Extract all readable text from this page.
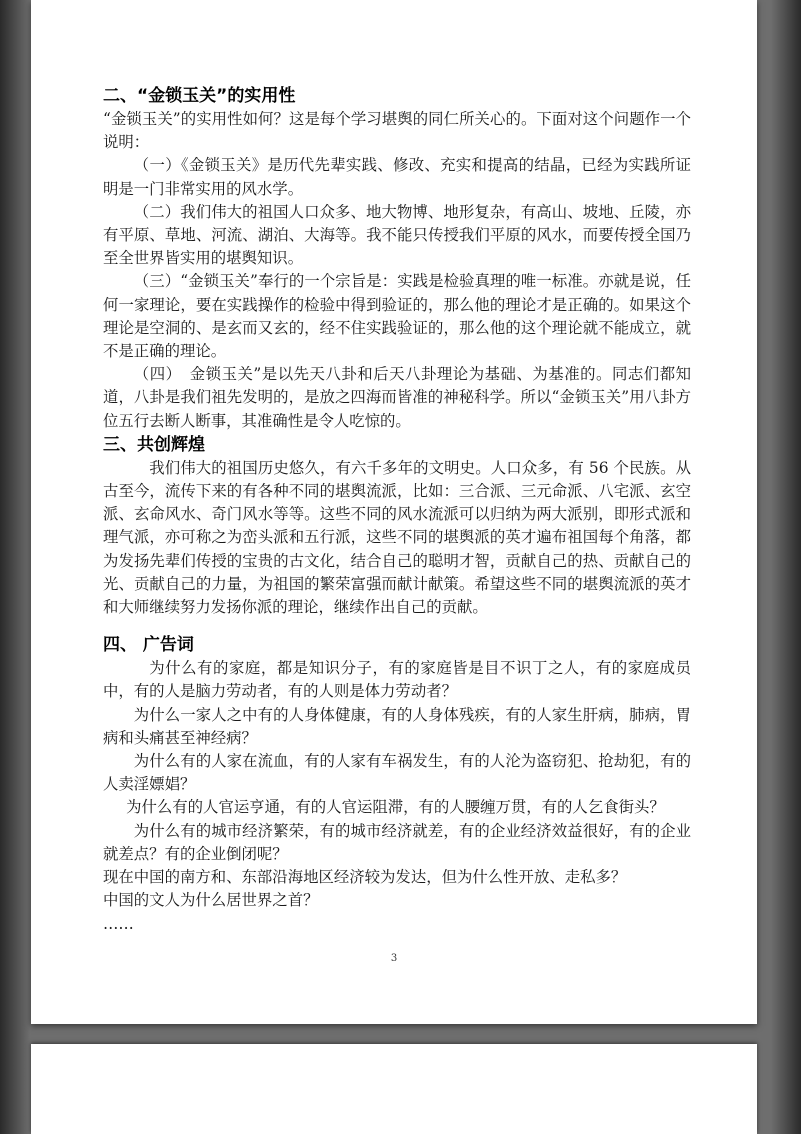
二、“金锁玉关”的实用性

“金锁玉关”的实用性如何？这是每个学习堪舆的同仁所关心的。下面对这个问题作一个说明：

（一）《金锁玉关》是历代先辈实践、修改、充实和提高的结晶，已经为实践所证明是一门非常实用的风水学。

（二）我们伟大的祖国人口众多、地大物博、地形复杂，有高山、坡地、丘陵，亦有平原、草地、河流、湖泊、大海等。我不能只传授我们平原的风水，而要传授全国乃至全世界皆实用的堪舆知识。

（三）“金锁玉关”奉行的一个宗旨是：实践是检验真理的唯一标准。亦就是说，任何一家理论，要在实践操作的检验中得到验证的，那么他的理论才是正确的。如果这个理论是空洞的、是玄而又玄的，经不住实践验证的，那么他的这个理论就不能成立，就不是正确的理论。

（四）　金锁玉关”是以先天八卦和后天八卦理论为基础、为基准的。同志们都知道，八卦是我们祖先发明的，是放之四海而皆准的神秘科学。所以“金锁玉关”用八卦方位五行去断人断事，其准确性是令人吃惊的。

三、共创辉煌

我们伟大的祖国历史悠久，有六千多年的文明史。人口众多，有 56 个民族。从古至今，流传下来的有各种不同的堪舆流派，比如：三合派、三元命派、八宅派、玄空派、玄命风水、奇门风水等等。这些不同的风水流派可以归纳为两大派别，即形式派和理气派，亦可称之为峦头派和五行派，这些不同的堪舆派的英才遍布祖国每个角落，都为发扬先辈们传授的宝贵的古文化，结合自己的聪明才智，贡献自己的热、贡献自己的光、贡献自己的力量，为祖国的繁荣富强而献计献策。希望这些不同的堪舆流派的英才和大师继续努力发扬你派的理论，继续作出自己的贡献。

四、 广告词

为什么有的家庭，都是知识分子，有的家庭皆是目不识丁之人，有的家庭成员中，有的人是脑力劳动者，有的人则是体力劳动者？

为什么一家人之中有的人身体健康，有的人身体残疾，有的人家生肝病，肺病，胃病和头痛甚至神经病？

为什么有的人家在流血，有的人家有车祸发生，有的人沦为盗窃犯、抢劫犯，有的人卖淫嫖娼？

为什么有的人官运亨通，有的人官运阻滞，有的人腰缠万贯，有的人乞食街头？

为什么有的城市经济繁荣，有的城市经济就差，有的企业经济效益很好，有的企业就差点？有的企业倒闭呢？

现在中国的南方和、东部沿海地区经济较为发达，但为什么性开放、走私多？

中国的文人为什么居世界之首？

……

3
